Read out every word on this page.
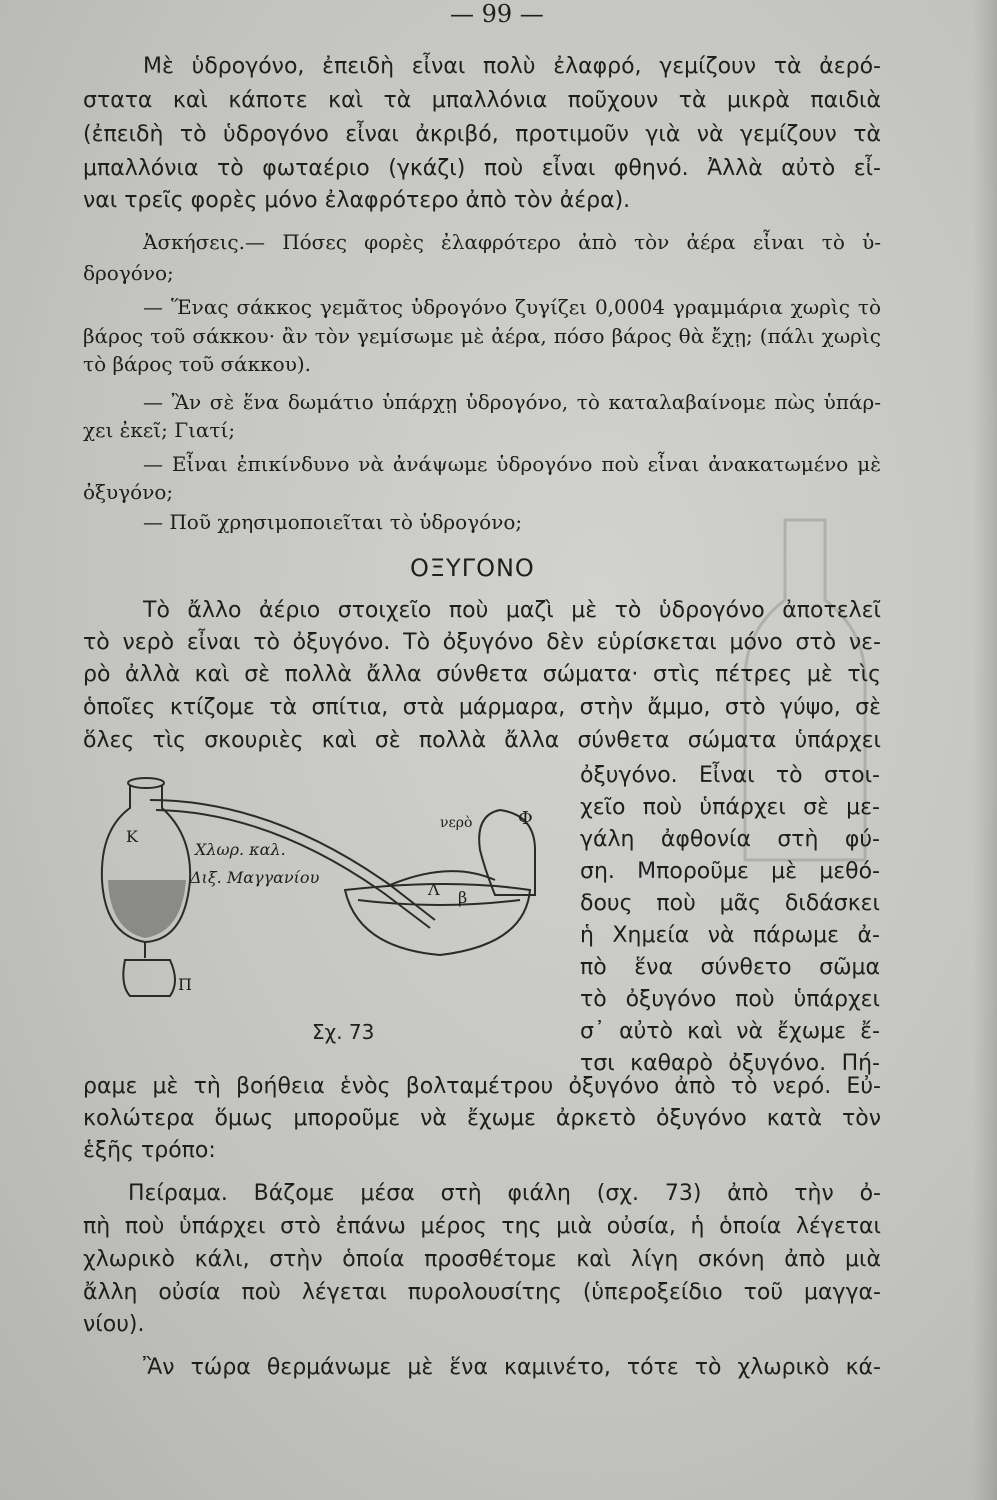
— 99 —
Μὲ ὑδρογόνο, ἐπειδὴ εἶναι πολὺ ἐλαφρό, γεμίζουν τὰ ἀερό-
στατα καὶ κάποτε καὶ τὰ μπαλλόνια ποῦχουν τὰ μικρὰ παιδιὰ
(ἐπειδὴ τὸ ὑδρογόνο εἶναι ἀκριβό, προτιμοῦν γιὰ νὰ γεμίζουν τὰ
μπαλλόνια τὸ φωταέριο (γκάζι) ποὺ εἶναι φθηνό. Ἀλλὰ αὐτὸ εἶ-
ναι τρεῖς φορὲς μόνο ἐλαφρότερο ἀπὸ τὸν ἀέρα).
Ἀσκήσεις.— Πόσες φορὲς ἐλαφρότερο ἀπὸ τὸν ἀέρα εἶναι τὸ ὑ-
δρογόνο;
— Ἕνας σάκκος γεμᾶτος ὑδρογόνο ζυγίζει 0,0004 γραμμάρια χωρὶς τὸ
βάρος τοῦ σάκκου· ἂν τὸν γεμίσωμε μὲ ἀέρα, πόσο βάρος θὰ ἔχῃ; (πάλι χωρὶς
τὸ βάρος τοῦ σάκκου).
— Ἂν σὲ ἕνα δωμάτιο ὑπάρχῃ ὑδρογόνο, τὸ καταλαβαίνομε πὼς ὑπάρ-
χει ἐκεῖ; Γιατί;
— Εἶναι ἐπικίνδυνο νὰ ἀνάψωμε ὑδρογόνο ποὺ εἶναι ἀνακατωμένο μὲ
ὀξυγόνο;
— Ποῦ χρησιμοποιεῖται τὸ ὑδρογόνο;
ΟΞΥΓΟΝΟ
Τὸ ἄλλο ἀέριο στοιχεῖο ποὺ μαζὶ μὲ τὸ ὑδρογόνο ἀποτελεῖ
τὸ νερὸ εἶναι τὸ ὀξυγόνο. Τὸ ὀξυγόνο δὲν εὑρίσκεται μόνο στὸ νε-
ρὸ ἀλλὰ καὶ σὲ πολλὰ ἄλλα σύνθετα σώματα· στὶς πέτρες μὲ τὶς
ὁποῖες κτίζομε τὰ σπίτια, στὰ μάρμαρα, στὴν ἄμμο, στὸ γύψο, σὲ
ὅλες τὶς σκουριὲς καὶ σὲ πολλὰ ἄλλα σύνθετα σώματα ὑπάρχει
ὀξυγόνο. Εἶναι τὸ στοι-
χεῖο ποὺ ὑπάρχει σὲ με-
γάλη ἀφθονία στὴ φύ-
ση. Μποροῦμε μὲ μεθό-
δους ποὺ μᾶς διδάσκει
ἡ Χημεία νὰ πάρωμε ἀ-
πὸ ἕνα σύνθετο σῶμα
τὸ ὀξυγόνο ποὺ ὑπάρχει
σ᾽ αὐτὸ καὶ νὰ ἔχωμε ἔ-
τσι καθαρὸ ὀξυγόνο. Πή-
Κ
Φ
Λ β
Π
νερὸ
Χλωρ. καλ.
Διξ. Μαγγανίου
Σχ. 73
ραμε μὲ τὴ βοήθεια ἑνὸς βολταμέτρου ὀξυγόνο ἀπὸ τὸ νερό. Εὐ-
κολώτερα ὅμως μποροῦμε νὰ ἔχωμε ἀρκετὸ ὀξυγόνο κατὰ τὸν
ἑξῆς τρόπο:
Πείραμα. Βάζομε μέσα στὴ φιάλη (σχ. 73) ἀπὸ τὴν ὀ-
πὴ ποὺ ὑπάρχει στὸ ἐπάνω μέρος της μιὰ οὐσία, ἡ ὁποία λέγεται
χλωρικὸ κάλι, στὴν ὁποία προσθέτομε καὶ λίγη σκόνη ἀπὸ μιὰ
ἄλλη οὐσία ποὺ λέγεται πυρολουσίτης (ὑπεροξείδιο τοῦ μαγγα-
νίου).
Ἂν τώρα θερμάνωμε μὲ ἕνα καμινέτο, τότε τὸ χλωρικὸ κά-
